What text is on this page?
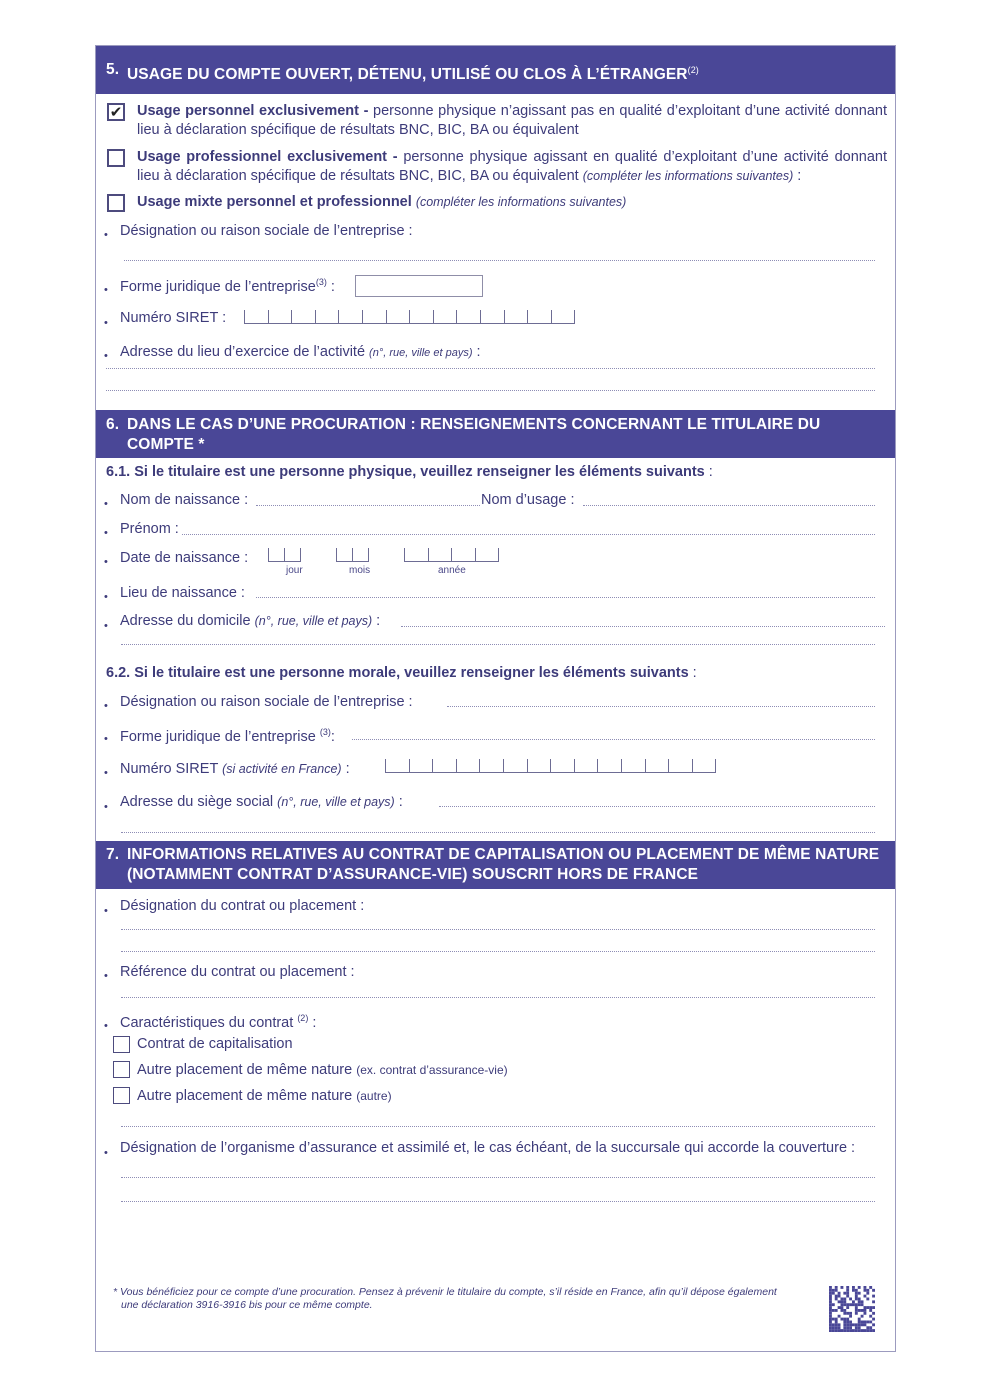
5. USAGE DU COMPTE OUVERT, DÉTENU, UTILISÉ OU CLOS À L’ÉTRANGER$^{(2)}$
✔ Usage personnel exclusivement - personne physique n’agissant pas en qualité d’exploitant d’une activité donnant lieu à déclaration spécifique de résultats BNC, BIC, BA ou équivalent
Usage professionnel exclusivement - personne physique agissant en qualité d’exploitant d’une activité donnant lieu à déclaration spécifique de résultats BNC, BIC, BA ou équivalent (compléter les informations suivantes) :
Usage mixte personnel et professionnel (compléter les informations suivantes)
•
Désignation ou raison sociale de l’entreprise :
•
Forme juridique de l’entreprise$^{(3)}$ :
•
Numéro SIRET :
•
Adresse du lieu d’exercice de l’activité (n°, rue, ville et pays) :
6. DANS LE CAS D’UNE PROCURATION : RENSEIGNEMENTS CONCERNANT LE TITULAIRE DU COMPTE *
6.1. Si le titulaire est une personne physique, veuillez renseigner les éléments suivants :
•
Nom de naissance :	Nom d’usage :
•
Prénom :
•
Date de naissance :
jour	mois	année
•
Lieu de naissance :
•
Adresse du domicile (n°, rue, ville et pays) :
6.2. Si le titulaire est une personne morale, veuillez renseigner les éléments suivants :
•
Désignation ou raison sociale de l’entreprise :
•
Forme juridique de l’entreprise $^{(3)}$:
•
Numéro SIRET (si activité en France) :
•
Adresse du siège social (n°, rue, ville et pays) :
7. INFORMATIONS RELATIVES AU CONTRAT DE CAPITALISATION OU PLACEMENT DE MÊME NATURE (NOTAMMENT CONTRAT D’ASSURANCE-VIE) SOUSCRIT HORS DE FRANCE
•
Désignation du contrat ou placement :
•
Référence du contrat ou placement :
•
Caractéristiques du contrat $^{(2)}$ :
Contrat de capitalisation
Autre placement de même nature (ex. contrat d’assurance-vie)
Autre placement de même nature (autre)
•
Désignation de l’organisme d’assurance et assimilé et, le cas échéant, de la succursale qui accorde la couverture :
* Vous bénéficiez pour ce compte d’une procuration. Pensez à prévenir le titulaire du compte, s’il réside en France, afin qu’il dépose également
une déclaration 3916-3916 bis pour ce même compte.
